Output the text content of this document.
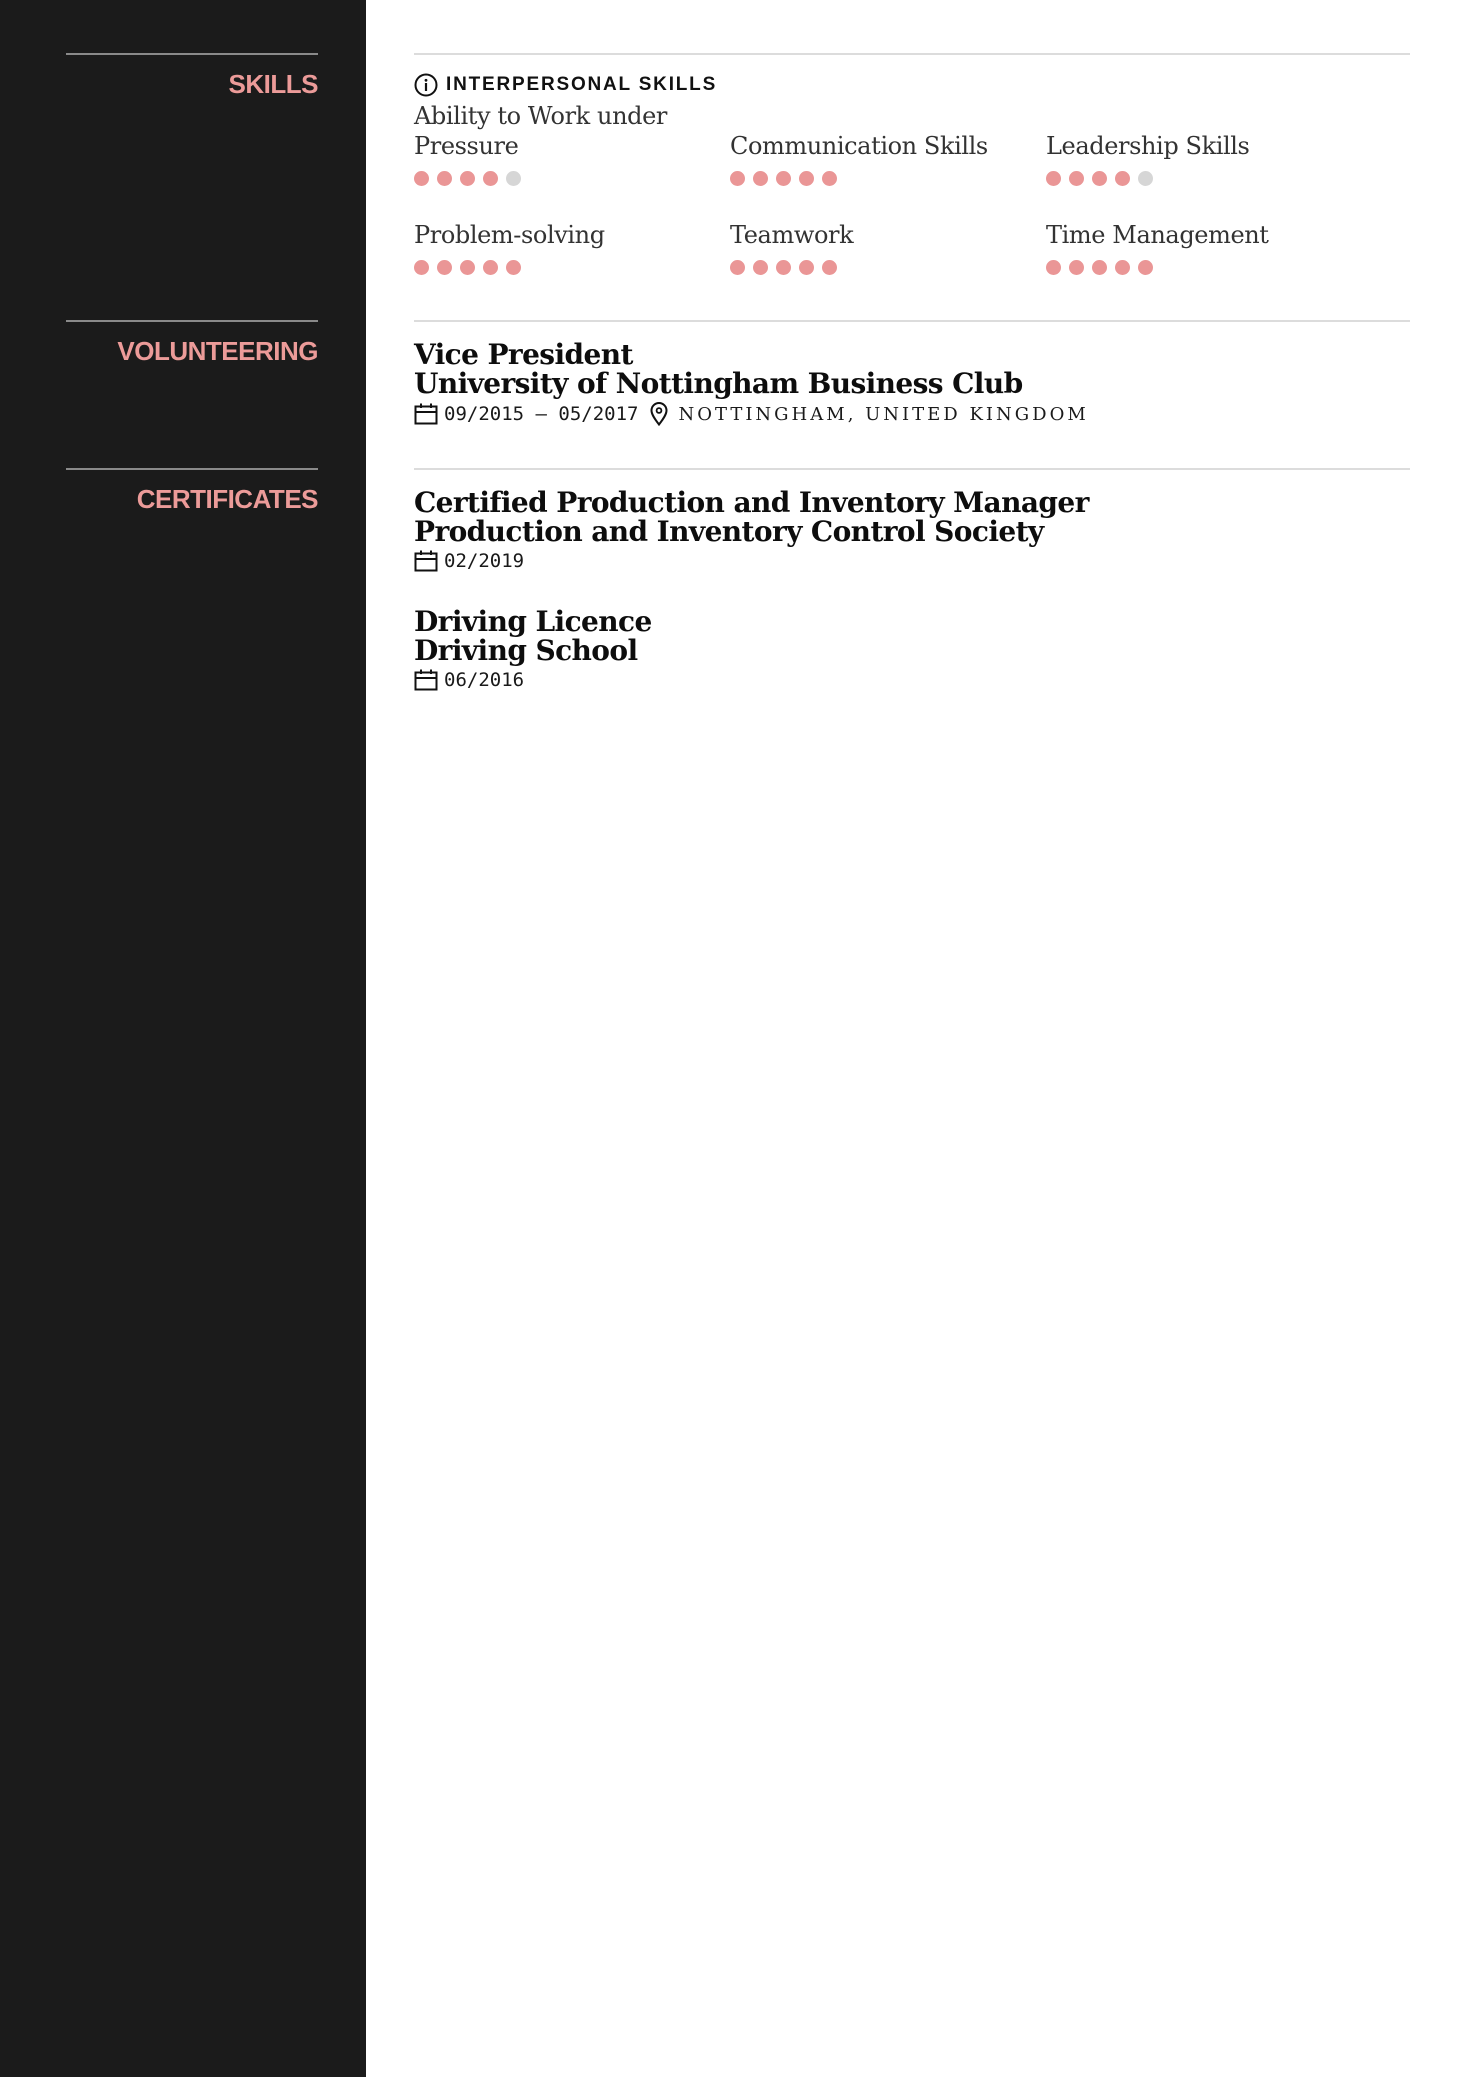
SKILLS
VOLUNTEERING
CERTIFICATES
INTERPERSONAL SKILLS
Ability to Work under Pressure	Communication Skills	Leadership Skills
Problem-solving	Teamwork	Time Management
Vice President
University of Nottingham Business Club
09/2015 – 05/2017 NOTTINGHAM, UNITED KINGDOM
Certified Production and Inventory Manager
Production and Inventory Control Society
02/2019
Driving Licence
Driving School
06/2016
